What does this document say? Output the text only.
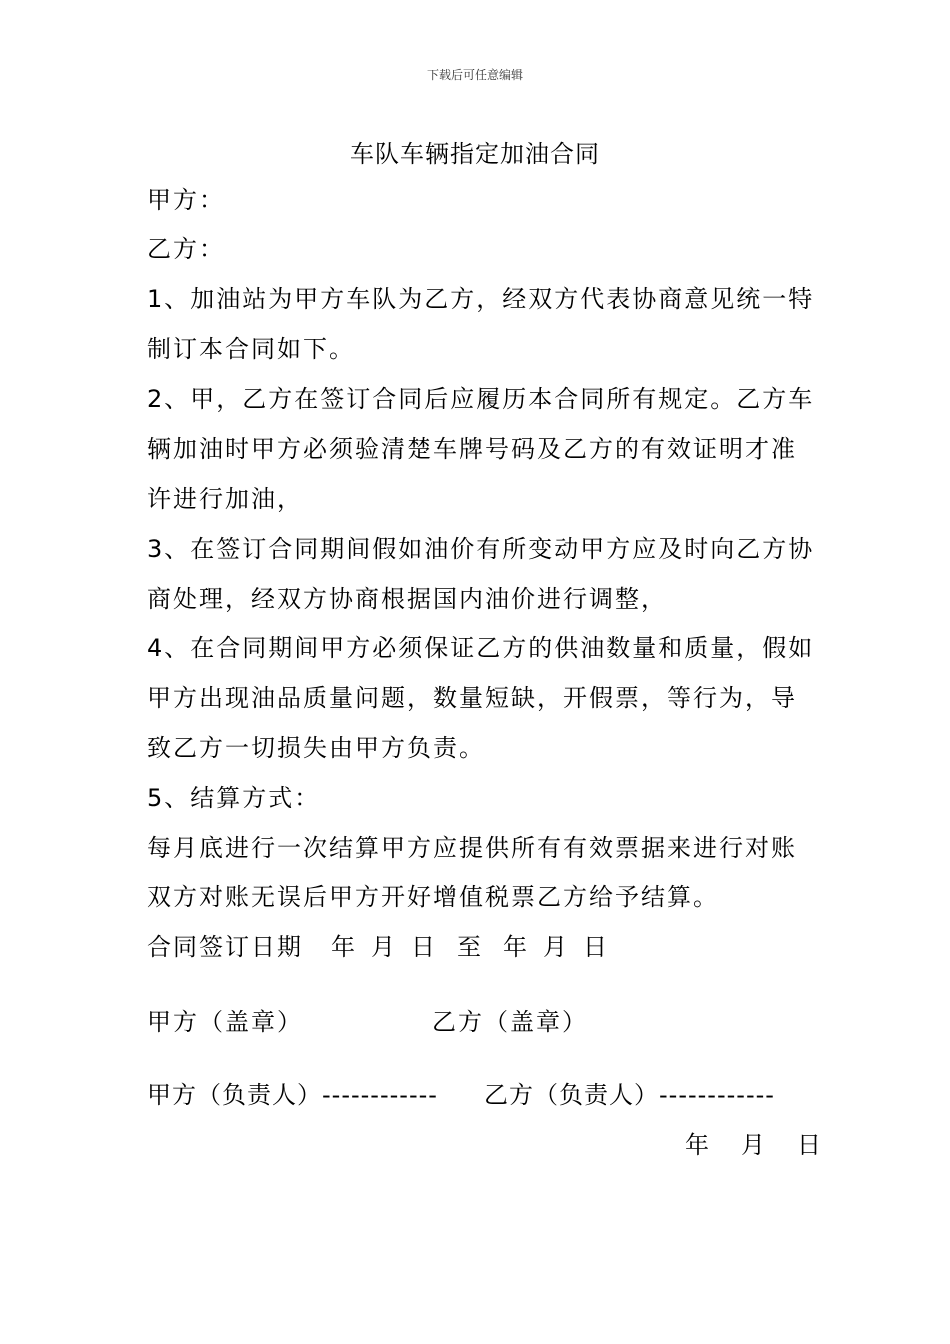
下载后可任意编辑
车队车辆指定加油合同
甲方：
乙方：
1、加油站为甲方车队为乙方，经双方代表协商意见统一特
制订本合同如下。
2、甲，乙方在签订合同后应履历本合同所有规定。乙方车
辆加油时甲方必须验清楚车牌号码及乙方的有效证明才准
许进行加油，
3、在签订合同期间假如油价有所变动甲方应及时向乙方协
商处理，经双方协商根据国内油价进行调整，
4、在合同期间甲方必须保证乙方的供油数量和质量，假如
甲方出现油品质量问题，数量短缺，开假票，等行为，导
致乙方一切损失由甲方负责。
5、结算方式：
每月底进行一次结算甲方应提供所有有效票据来进行对账
双方对账无误后甲方开好增值税票乙方给予结算。
合同签订日期 年 月 日 至 年 月 日
甲方（盖章）	乙方（盖章）
甲方（负责人）------------ 乙方（负责人）------------
年 月 日
